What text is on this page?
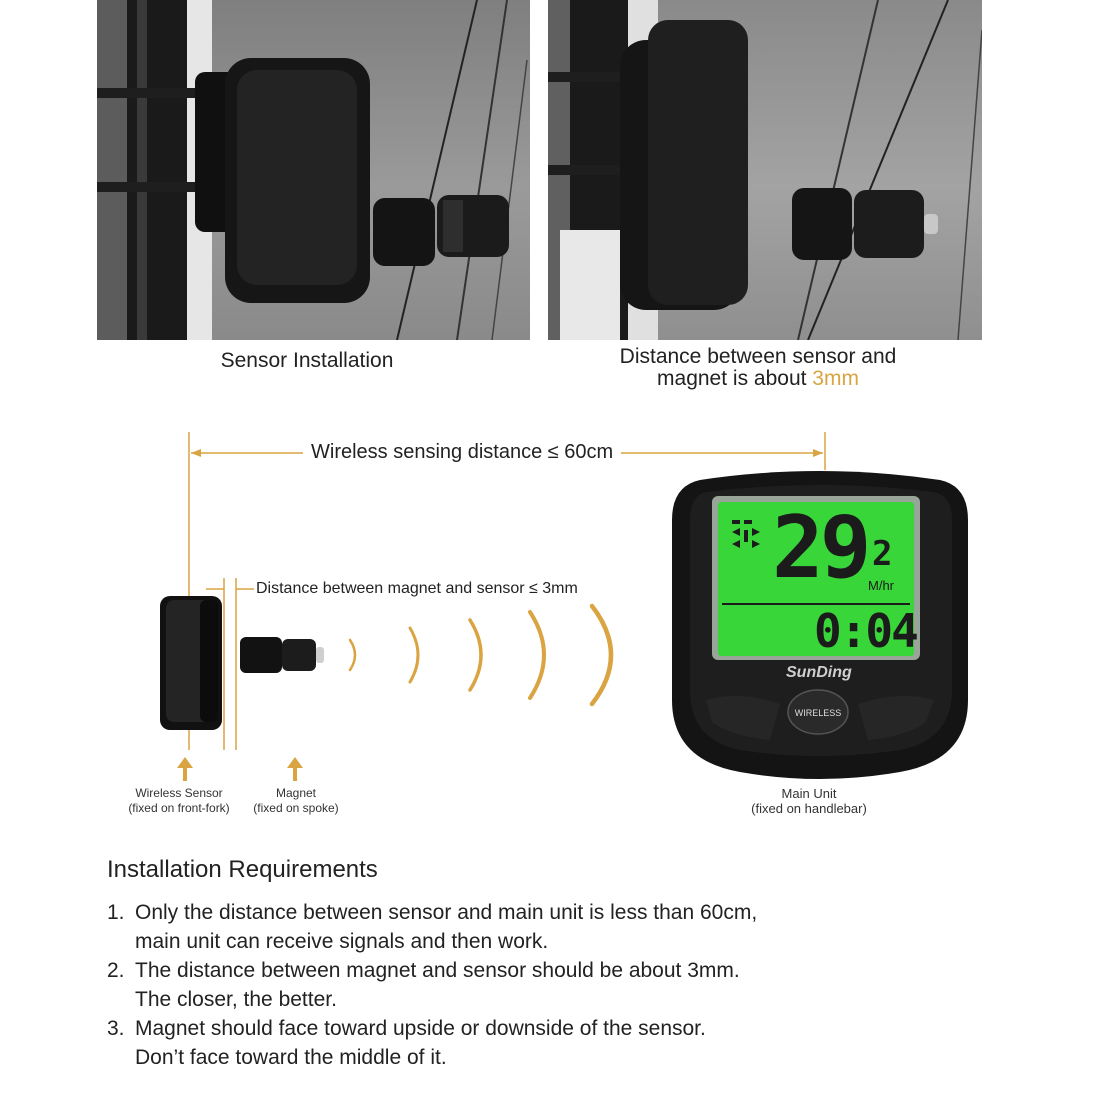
Sensor Installation	Distance between sensor and
magnet is about 3mm
29 2
M/hr
0:04
SunDing
WIRELESS
Wireless sensing distance ≤ 60cm
Distance between magnet and sensor ≤ 3mm
Wireless Sensor
(fixed on front-fork)
Magnet
(fixed on spoke)
Main Unit
(fixed on handlebar)
Installation Requirements
1. Only the distance between sensor and main unit is less than 60cm,
main unit can receive signals and then work.
2. The distance between magnet and sensor should be about 3mm.
The closer, the better.
3. Magnet should face toward upside or downside of the sensor.
Don’t face toward the middle of it.
